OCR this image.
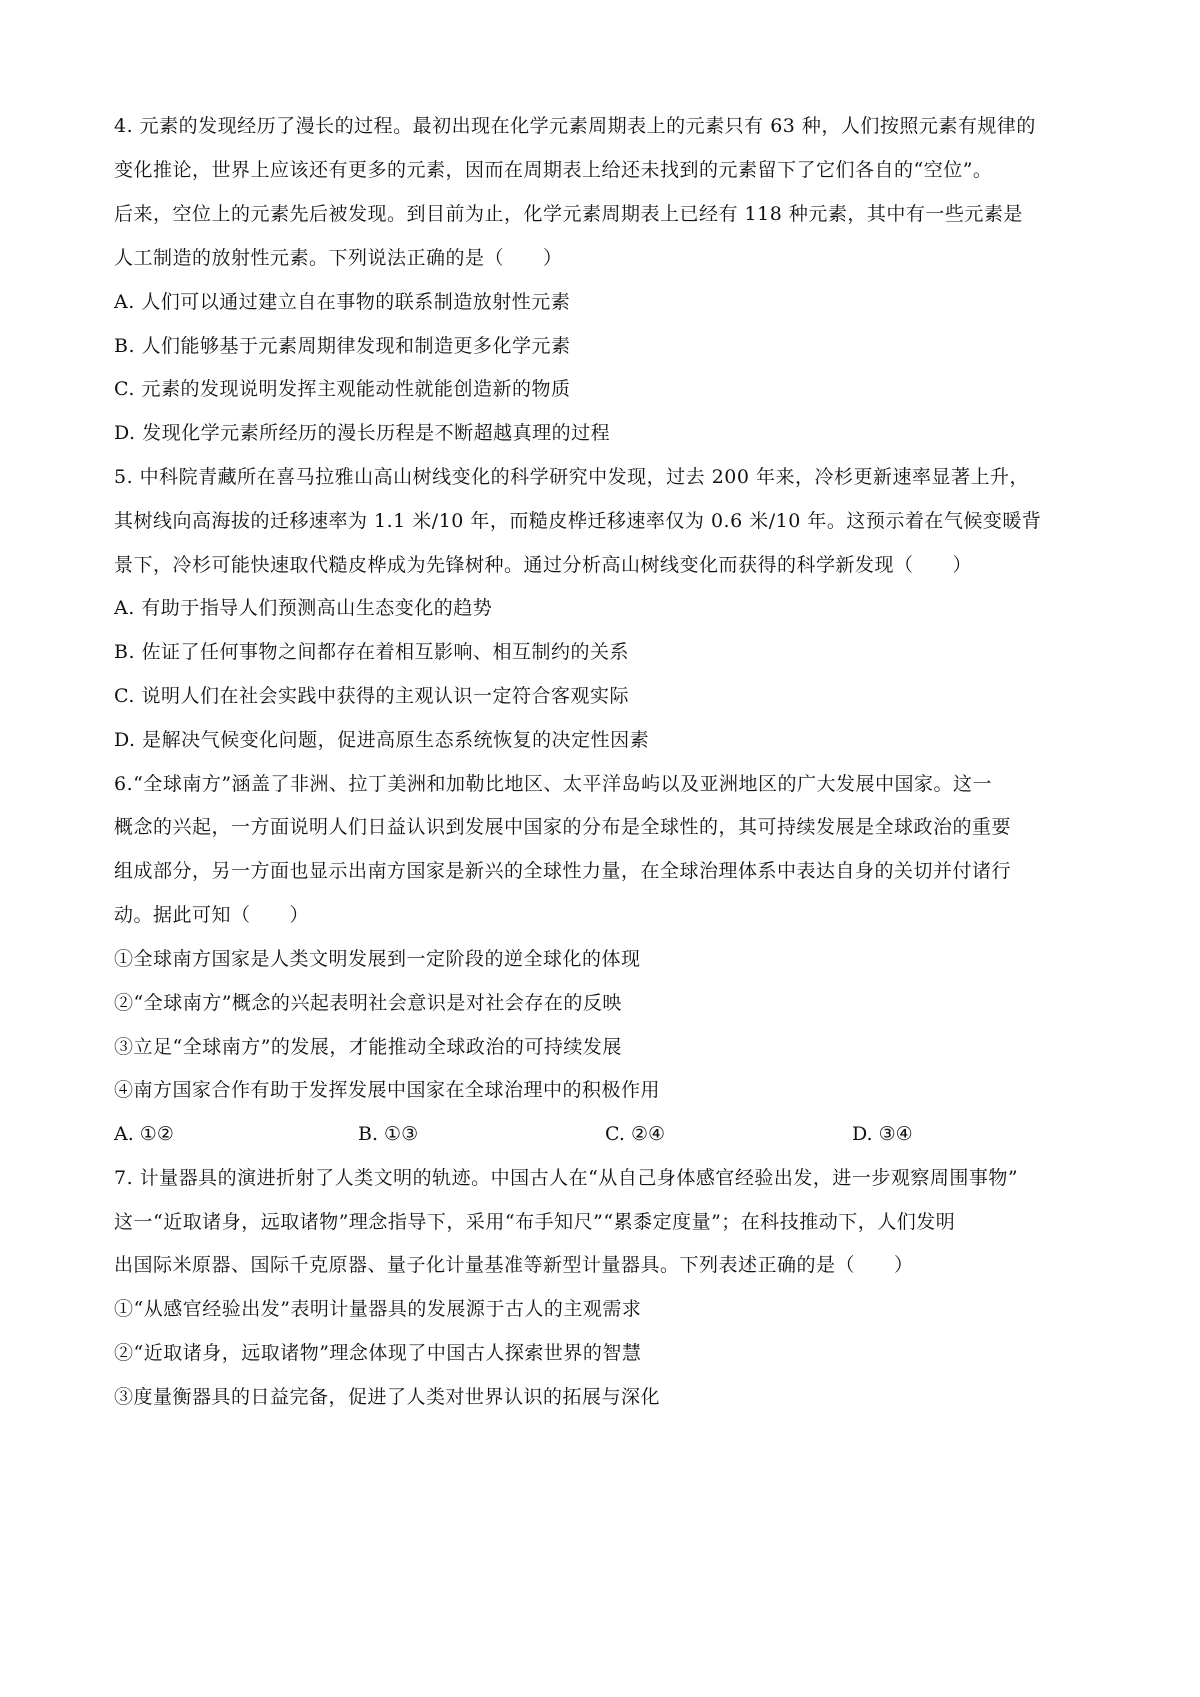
4. 元素的发现经历了漫长的过程。最初出现在化学元素周期表上的元素只有 63 种，人们按照元素有规律的
变化推论，世界上应该还有更多的元素，因而在周期表上给还未找到的元素留下了它们各自的“空位”。
后来，空位上的元素先后被发现。到目前为止，化学元素周期表上已经有 118 种元素，其中有一些元素是
人工制造的放射性元素。下列说法正确的是（　　）
A. 人们可以通过建立自在事物的联系制造放射性元素
B. 人们能够基于元素周期律发现和制造更多化学元素
C. 元素的发现说明发挥主观能动性就能创造新的物质
D. 发现化学元素所经历的漫长历程是不断超越真理的过程
5. 中科院青藏所在喜马拉雅山高山树线变化的科学研究中发现，过去 200 年来，冷杉更新速率显著上升，
其树线向高海拔的迁移速率为 1.1 米/10 年，而糙皮桦迁移速率仅为 0.6 米/10 年。这预示着在气候变暖背
景下，冷杉可能快速取代糙皮桦成为先锋树种。通过分析高山树线变化而获得的科学新发现（　　）
A. 有助于指导人们预测高山生态变化的趋势
B. 佐证了任何事物之间都存在着相互影响、相互制约的关系
C. 说明人们在社会实践中获得的主观认识一定符合客观实际
D. 是解决气候变化问题，促进高原生态系统恢复的决定性因素
6.“全球南方”涵盖了非洲、拉丁美洲和加勒比地区、太平洋岛屿以及亚洲地区的广大发展中国家。这一
概念的兴起，一方面说明人们日益认识到发展中国家的分布是全球性的，其可持续发展是全球政治的重要
组成部分，另一方面也显示出南方国家是新兴的全球性力量，在全球治理体系中表达自身的关切并付诸行
动。据此可知（　　）
①全球南方国家是人类文明发展到一定阶段的逆全球化的体现
②“全球南方”概念的兴起表明社会意识是对社会存在的反映
③立足“全球南方”的发展，才能推动全球政治的可持续发展
④南方国家合作有助于发挥发展中国家在全球治理中的积极作用
A. ①②	B. ①③	C. ②④	D. ③④
7. 计量器具的演进折射了人类文明的轨迹。中国古人在“从自己身体感官经验出发，进一步观察周围事物”
这一“近取诸身，远取诸物”理念指导下，采用“布手知尺”“累黍定度量”；在科技推动下，人们发明
出国际米原器、国际千克原器、量子化计量基准等新型计量器具。下列表述正确的是（　　）
①“从感官经验出发”表明计量器具的发展源于古人的主观需求
②“近取诸身，远取诸物”理念体现了中国古人探索世界的智慧
③度量衡器具的日益完备，促进了人类对世界认识的拓展与深化
